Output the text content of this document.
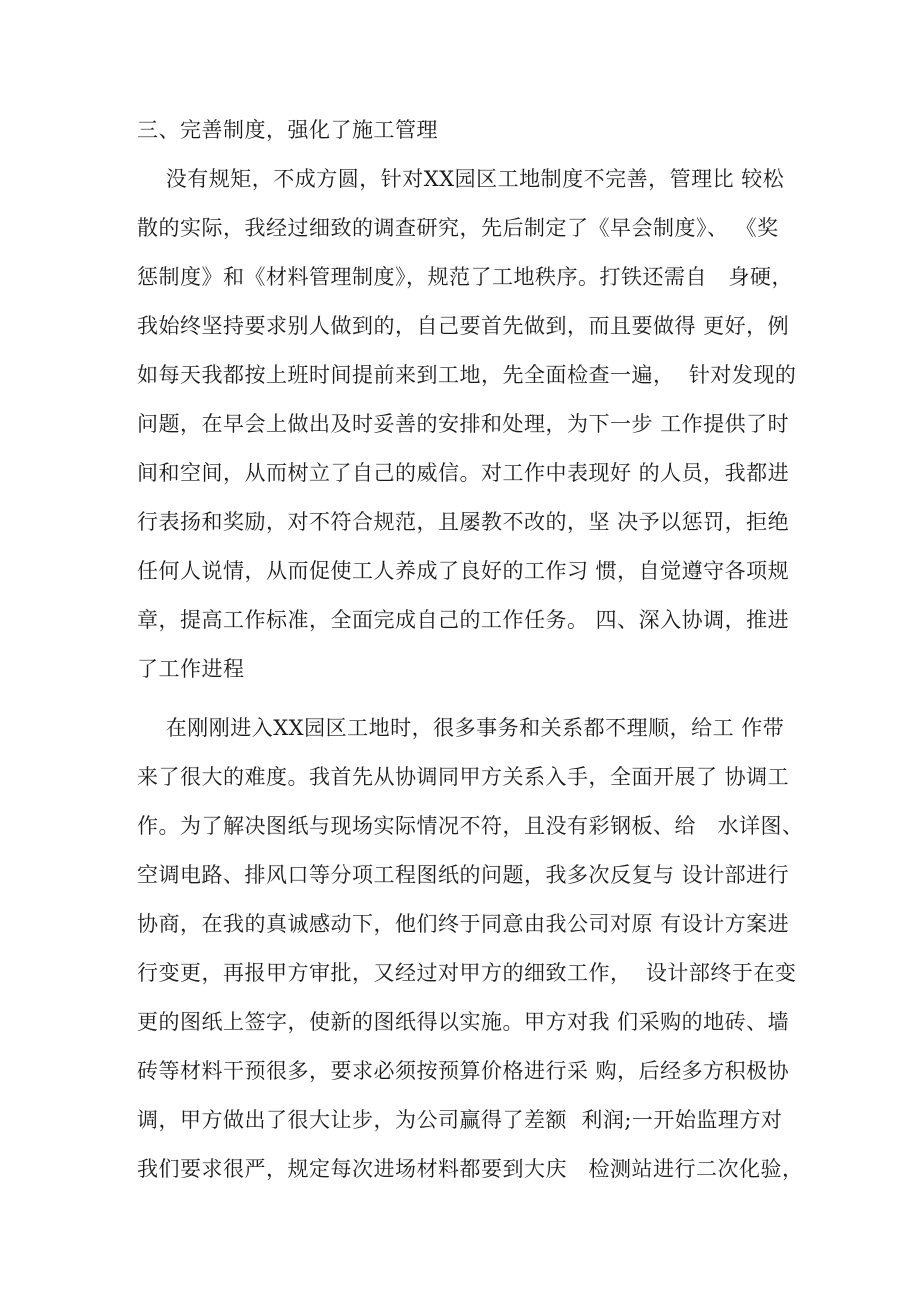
三、完善制度，强化了施工管理
没有规矩，不成方圆，针对XX园区工地制度不完善，管理比 较松
散的实际，我经过细致的调查研究，先后制定了《早会制度》、 《奖
惩制度》和《材料管理制度》，规范了工地秩序。打铁还需自   身硬，
我始终坚持要求别人做到的，自己要首先做到，而且要做得 更好，例
如每天我都按上班时间提前来到工地，先全面检查一遍，  针对发现的
问题，在早会上做出及时妥善的安排和处理，为下一步 工作提供了时
间和空间，从而树立了自己的威信。对工作中表现好 的人员，我都进
行表扬和奖励，对不符合规范，且屡教不改的，坚 决予以惩罚，拒绝
任何人说情，从而促使工人养成了良好的工作习 惯，自觉遵守各项规
章，提高工作标准，全面完成自己的工作任务。 四、深入协调，推进
了工作进程
在刚刚进入XX园区工地时，很多事务和关系都不理顺，给工 作带
来了很大的难度。我首先从协调同甲方关系入手，全面开展了 协调工
作。为了解决图纸与现场实际情况不符，且没有彩钢板、给   水详图、
空调电路、排风口等分项工程图纸的问题，我多次反复与 设计部进行
协商，在我的真诚感动下，他们终于同意由我公司对原 有设计方案进
行变更，再报甲方审批，又经过对甲方的细致工作，  设计部终于在变
更的图纸上签字，使新的图纸得以实施。甲方对我 们采购的地砖、墙
砖等材料干预很多，要求必须按预算价格进行采 购，后经多方积极协
调，甲方做出了很大让步，为公司赢得了差额  利润;一开始监理方对
我们要求很严，规定每次进场材料都要到大庆   检测站进行二次化验，
